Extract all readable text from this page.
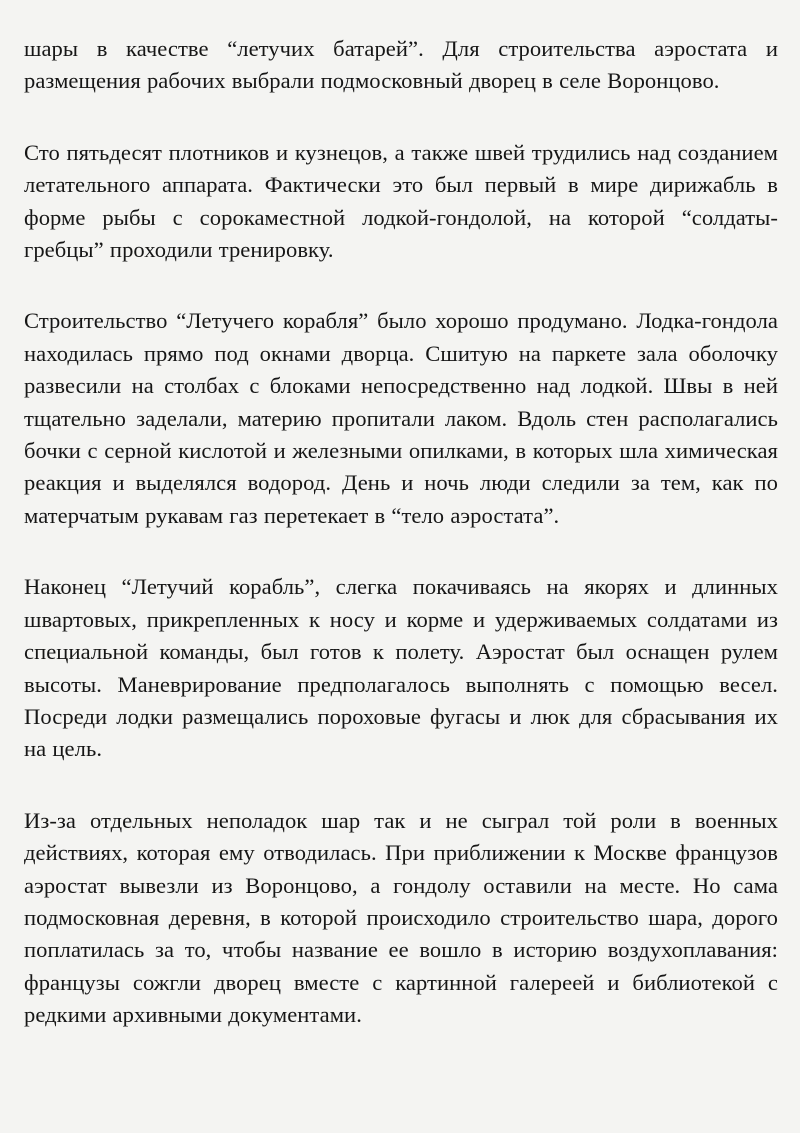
шары в качестве “летучих батарей”. Для строительства аэростата и размещения рабочих выбрали подмосковный дворец в селе Воронцово.

Сто пятьдесят плотников и кузнецов, а также швей трудились над созданием летательного аппарата. Фактически это был первый в мире дирижабль в форме рыбы с сорокаместной лодкой-гондолой, на которой “солдаты-гребцы” проходили тренировку.

Строительство “Летучего корабля” было хорошо продумано. Лодка-гондола находилась прямо под окнами дворца. Сшитую на паркете зала оболочку развесили на столбах с блоками непосредственно над лодкой. Швы в ней тщательно заделали, материю пропитали лаком. Вдоль стен располагались бочки с серной кислотой и железными опилками, в которых шла химическая реакция и выделялся водород. День и ночь люди следили за тем, как по матерчатым рукавам газ перетекает в “тело аэростата”.

Наконец “Летучий корабль”, слегка покачиваясь на якорях и длинных швартовых, прикрепленных к носу и корме и удерживаемых солдатами из специальной команды, был готов к полету. Аэростат был оснащен рулем высоты. Маневрирование предполагалось выполнять с помощью весел. Посреди лодки размещались пороховые фугасы и люк для сбрасывания их на цель.

Из-за отдельных неполадок шар так и не сыграл той роли в военных действиях, которая ему отводилась. При приближении к Москве французов аэростат вывезли из Воронцово, а гондолу оставили на месте. Но сама подмосковная деревня, в которой происходило строительство шара, дорого поплатилась за то, чтобы название ее вошло в историю воздухоплавания: французы сожгли дворец вместе с картинной галереей и библиотекой с редкими архивными документами.
